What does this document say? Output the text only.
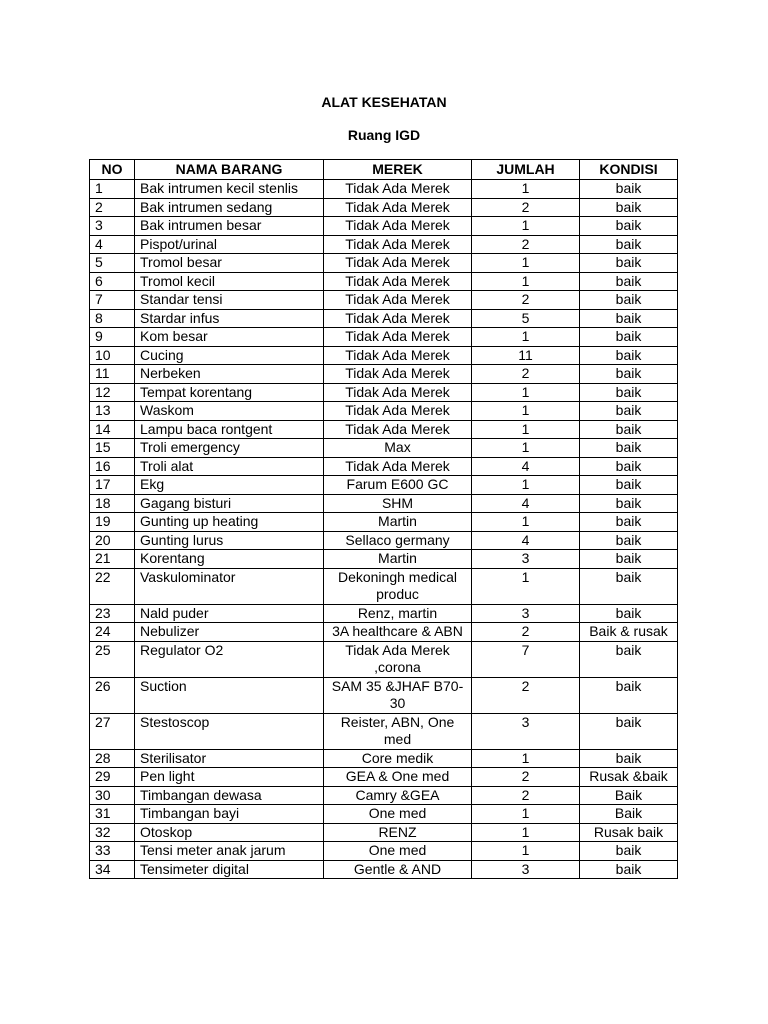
ALAT KESEHATAN
Ruang IGD
NO	NAMA BARANG	MEREK	JUMLAH	KONDISI
1	Bak intrumen kecil stenlis	Tidak Ada Merek	1	baik
2	Bak intrumen sedang	Tidak Ada Merek	2	baik
3	Bak intrumen besar	Tidak Ada Merek	1	baik
4	Pispot/urinal	Tidak Ada Merek	2	baik
5	Tromol besar	Tidak Ada Merek	1	baik
6	Tromol kecil	Tidak Ada Merek	1	baik
7	Standar tensi	Tidak Ada Merek	2	baik
8	Stardar infus	Tidak Ada Merek	5	baik
9	Kom besar	Tidak Ada Merek	1	baik
10	Cucing	Tidak Ada Merek	11	baik
11	Nerbeken	Tidak Ada Merek	2	baik
12	Tempat korentang	Tidak Ada Merek	1	baik
13	Waskom	Tidak Ada Merek	1	baik
14	Lampu baca rontgent	Tidak Ada Merek	1	baik
15	Troli emergency	Max	1	baik
16	Troli alat	Tidak Ada Merek	4	baik
17	Ekg	Farum E600 GC	1	baik
18	Gagang bisturi	SHM	4	baik
19	Gunting up heating	Martin	1	baik
20	Gunting lurus	Sellaco germany	4	baik
21	Korentang	Martin	3	baik
22	Vaskulominator	Dekoningh medical produc	1	baik
23	Nald puder	Renz, martin	3	baik
24	Nebulizer	3A healthcare & ABN	2	Baik & rusak
25	Regulator O2	Tidak Ada Merek ,corona	7	baik
26	Suction	SAM 35 &JHAF B70-30	2	baik
27	Stestoscop	Reister, ABN, One med	3	baik
28	Sterilisator	Core medik	1	baik
29	Pen light	GEA & One med	2	Rusak &baik
30	Timbangan dewasa	Camry &GEA	2	Baik
31	Timbangan bayi	One med	1	Baik
32	Otoskop	RENZ	1	Rusak baik
33	Tensi meter anak jarum	One med	1	baik
34	Tensimeter digital	Gentle & AND	3	baik
